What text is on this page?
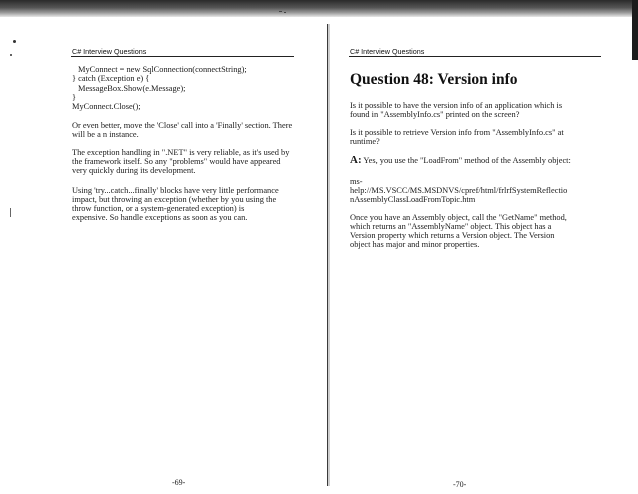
C# Interview Questions
MyConnect = new SqlConnection(connectString);
} catch (Exception e) {
MessageBox.Show(e.Message);
}
MyConnect.Close();
Or even better, move the 'Close' call into a 'Finally' section. There
will be a n instance.
The exception handling in ".NET" is very reliable, as it's used by
the framework itself. So any "problems" would have appeared
very quickly during its development.
Using 'try...catch...finally' blocks have very little performance
impact, but throwing an exception (whether by you using the
throw function, or a system-generated exception) is
expensive. So handle exceptions as soon as you can.
-69-
C# Interview Questions
Question 48: Version info
Is it possible to have the version info of an application which is
found in "AssemblyInfo.cs" printed on the screen?
Is it possible to retrieve Version info from "AssemblyInfo.cs" at
runtime?
A: Yes, you use the "LoadFrom" method of the Assembly object:
ms-
help://MS.VSCC/MS.MSDNVS/cpref/html/frlrfSystemReflectio
nAssemblyClassLoadFromTopic.htm
Once you have an Assembly object, call the "GetName" method,
which returns an "AssemblyName" object. This object has a
Version property which returns a Version object. The Version
object has major and minor properties.
-70-
